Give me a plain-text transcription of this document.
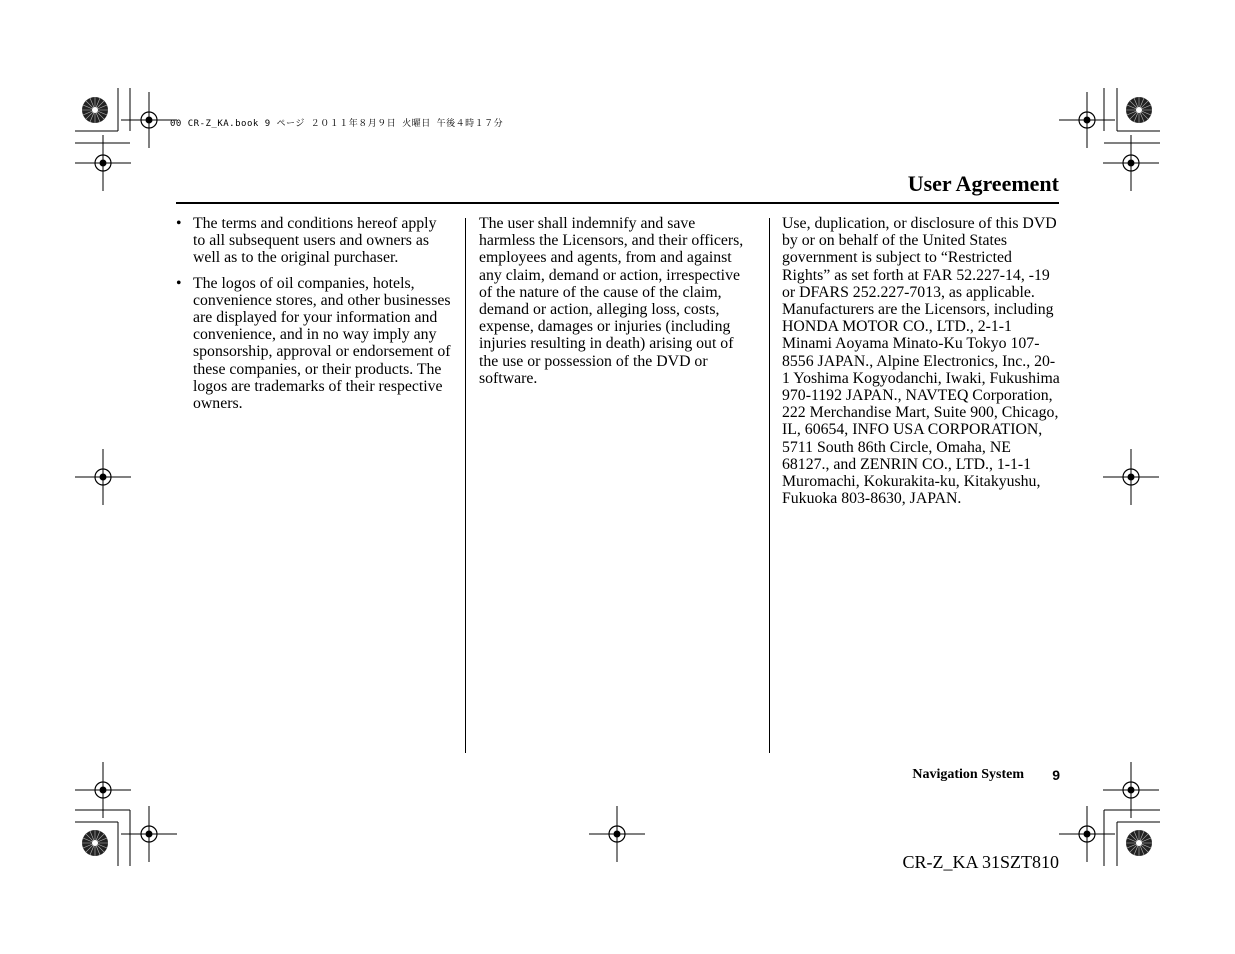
00 CR-Z_KA.book 9 ページ ２０１１年８月９日 火曜日 午後４時１７分
User Agreement
• The terms and conditions hereof apply to all subsequent users and owners as well as to the original purchaser.
• The logos of oil companies, hotels, convenience stores, and other businesses are displayed for your information and convenience, and in no way imply any sponsorship, approval or endorsement of these companies, or their products. The logos are trademarks of their respective owners.
The user shall indemnify and save harmless the Licensors, and their officers, employees and agents, from and against any claim, demand or action, irrespective of the nature of the cause of the claim, demand or action, alleging loss, costs, expense, damages or injuries (including injuries resulting in death) arising out of the use or possession of the DVD or software.
Use, duplication, or disclosure of this DVD by or on behalf of the United States government is subject to “Restricted Rights” as set forth at FAR 52.227-14, -19 or DFARS 252.227-7013, as applicable. Manufacturers are the Licensors, including HONDA MOTOR CO., LTD., 2-1-1 Minami Aoyama Minato-Ku Tokyo 107-8556 JAPAN., Alpine Electronics, Inc., 20-1 Yoshima Kogyodanchi, Iwaki, Fukushima 970-1192 JAPAN., NAVTEQ Corporation, 222 Merchandise Mart, Suite 900, Chicago, IL, 60654, INFO USA CORPORATION, 5711 South 86th Circle, Omaha, NE 68127., and ZENRIN CO., LTD., 1-1-1 Muromachi, Kokurakita-ku, Kitakyushu, Fukuoka 803-8630, JAPAN.
Navigation System 9
CR-Z_KA 31SZT810
